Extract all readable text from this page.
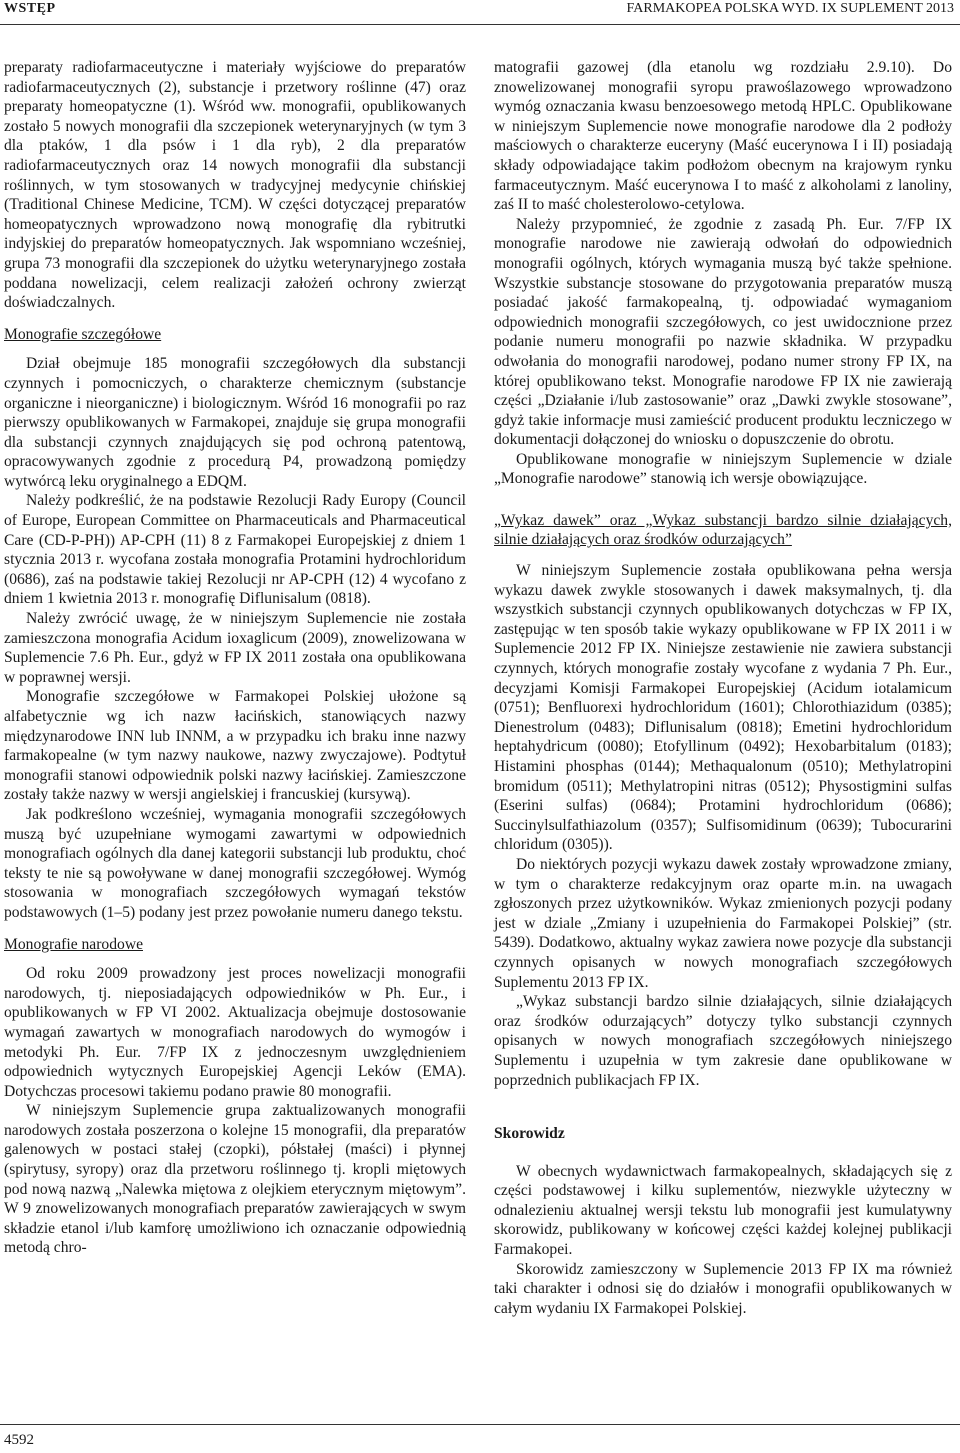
WSTĘP	FARMAKOPEA POLSKA WYD. IX SUPLEMENT 2013

preparaty radiofarmaceutyczne i materiały wyjściowe do preparatów radiofarmaceutycznych (2), substancje i przetwory roślinne (47) oraz preparaty homeopatyczne (1). Wśród ww. monografii, opublikowanych zostało 5 nowych monografii dla szczepionek weterynaryjnych (w tym 3 dla ptaków, 1 dla psów i 1 dla ryb), 2 dla preparatów radiofarmaceutycznych oraz 14 nowych monografii dla substancji roślinnych, w tym stosowanych w tradycyjnej medycynie chińskiej (Traditional Chinese Medicine, TCM). W części dotyczącej preparatów homeopatycznych wprowadzono nową monografię dla rybitrutki indyjskiej do preparatów homeopatycznych. Jak wspomniano wcześniej, grupa 73 monografii dla szczepionek do użytku weterynaryjnego została poddana nowelizacji, celem realizacji założeń ochrony zwierząt doświadczalnych.

Monografie szczegółowe

Dział obejmuje 185 monografii szczegółowych dla substancji czynnych i pomocniczych, o charakterze chemicznym (substancje organiczne i nieorganiczne) i biologicznym. Wśród 16 monografii po raz pierwszy opublikowanych w Farmakopei, znajduje się grupa monografii dla substancji czynnych znajdujących się pod ochroną patentową, opracowywanych zgodnie z procedurą P4, prowadzoną pomiędzy wytwórcą leku oryginalnego a EDQM.

Należy podkreślić, że na podstawie Rezolucji Rady Europy (Council of Europe, European Committee on Pharmaceuticals and Pharmaceutical Care (CD-P-PH)) AP-CPH (11) 8 z Farmakopei Europejskiej z dniem 1 stycznia 2013 r. wycofana została monografia Protamini hydrochloridum (0686), zaś na podstawie takiej Rezolucji nr AP-CPH (12) 4 wycofano z dniem 1 kwietnia 2013 r. monografię Diflunisalum (0818).

Należy zwrócić uwagę, że w niniejszym Suplemencie nie została zamieszczona monografia Acidum ioxaglicum (2009), znowelizowana w Suplemencie 7.6 Ph. Eur., gdyż w FP IX 2011 została ona opublikowana w poprawnej wersji.

Monografie szczegółowe w Farmakopei Polskiej ułożone są alfabetycznie wg ich nazw łacińskich, stanowiących nazwy międzynarodowe INN lub INNM, a w przypadku ich braku inne nazwy farmakopealne (w tym nazwy naukowe, nazwy zwyczajowe). Podtytuł monografii stanowi odpowiednik polski nazwy łacińskiej. Zamieszczone zostały także nazwy w wersji angielskiej i francuskiej (kursywą).

Jak podkreślono wcześniej, wymagania monografii szczegółowych muszą być uzupełniane wymogami zawartymi w odpowiednich monografiach ogólnych dla danej kategorii substancji lub produktu, choć teksty te nie są powoływane w danej monografii szczegółowej. Wymóg stosowania w monografiach szczegółowych wymagań tekstów podstawowych (1–5) podany jest przez powołanie numeru danego tekstu.

Monografie narodowe

Od roku 2009 prowadzony jest proces nowelizacji monografii narodowych, tj. nieposiadających odpowiedników w Ph. Eur., i opublikowanych w FP VI 2002. Aktualizacja obejmuje dostosowanie wymagań zawartych w monografiach narodowych do wymogów i metodyki Ph. Eur. 7/FP IX z jednoczesnym uwzględnieniem odpowiednich wytycznych Europejskiej Agencji Leków (EMA). Dotychczas procesowi takiemu podano prawie 80 monografii.

W niniejszym Suplemencie grupa zaktualizowanych monografii narodowych została poszerzona o kolejne 15 monografii, dla preparatów galenowych w postaci stałej (czopki), półstałej (maści) i płynnej (spirytusy, syropy) oraz dla przetworu roślinnego tj. kropli miętowych pod nową nazwą „Nalewka miętowa z olejkiem eterycznym miętowym”. W 9 znowelizowanych monografiach preparatów zawierających w swym składzie etanol i/lub kamforę umożliwiono ich oznaczanie odpowiednią metodą chro-

matografii gazowej (dla etanolu wg rozdziału 2.9.10). Do znowelizowanej monografii syropu prawoślazowego wprowadzono wymóg oznaczania kwasu benzoesowego metodą HPLC. Opublikowane w niniejszym Suplemencie nowe monografie narodowe dla 2 podłoży maściowych o charakterze euceryny (Maść eucerynowa I i II) posiadają składy odpowiadające takim podłożom obecnym na krajowym rynku farmaceutycznym. Maść eucerynowa I to maść z alkoholami z lanoliny, zaś II to maść cholesterolowo-cetylowa.

Należy przypomnieć, że zgodnie z zasadą Ph. Eur. 7/FP IX monografie narodowe nie zawierają odwołań do odpowiednich monografii ogólnych, których wymagania muszą być także spełnione. Wszystkie substancje stosowane do przygotowania preparatów muszą posiadać jakość farmakopealną, tj. odpowiadać wymaganiom odpowiednich monografii szczegółowych, co jest uwidocznione przez podanie numeru monografii po nazwie składnika. W przypadku odwołania do monografii narodowej, podano numer strony FP IX, na której opublikowano tekst. Monografie narodowe FP IX nie zawierają części „Działanie i/lub zastosowanie” oraz „Dawki zwykle stosowane”, gdyż takie informacje musi zamieścić producent produktu leczniczego w dokumentacji dołączonej do wniosku o dopuszczenie do obrotu.

Opublikowane monografie w niniejszym Suplemencie w dziale „Monografie narodowe” stanowią ich wersje obowiązujące.

„Wykaz dawek” oraz „Wykaz substancji bardzo silnie działających, silnie działających oraz środków odurzających”

W niniejszym Suplemencie została opublikowana pełna wersja wykazu dawek zwykle stosowanych i dawek maksymalnych, tj. dla wszystkich substancji czynnych opublikowanych dotychczas w FP IX, zastępując w ten sposób takie wykazy opublikowane w FP IX 2011 i w Suplemencie 2012 FP IX. Niniejsze zestawienie nie zawiera substancji czynnych, których monografie zostały wycofane z wydania 7 Ph. Eur., decyzjami Komisji Farmakopei Europejskiej (Acidum iotalamicum (0751); Benfluorexi hydrochloridum (1601); Chlorothiazidum (0385); Dienestrolum (0483); Diflunisalum (0818); Emetini hydrochloridum heptahydricum (0080); Etofyllinum (0492); Hexobarbitalum (0183); Histamini phosphas (0144); Methaqualonum (0510); Methylatropini bromidum (0511); Methylatropini nitras (0512); Physostigmini sulfas (Eserini sulfas) (0684); Protamini hydrochloridum (0686); Succinylsulfathiazolum (0357); Sulfisomidinum (0639); Tubocurarini chloridum (0305)).

Do niektórych pozycji wykazu dawek zostały wprowadzone zmiany, w tym o charakterze redakcyjnym oraz oparte m.in. na uwagach zgłoszonych przez użytkowników. Wykaz zmienionych pozycji podany jest w dziale „Zmiany i uzupełnienia do Farmakopei Polskiej” (str. 5439). Dodatkowo, aktualny wykaz zawiera nowe pozycje dla substancji czynnych opisanych w nowych monografiach szczegółowych Suplementu 2013 FP IX.

„Wykaz substancji bardzo silnie działających, silnie działających oraz środków odurzających” dotyczy tylko substancji czynnych opisanych w nowych monografiach szczegółowych niniejszego Suplementu i uzupełnia w tym zakresie dane opublikowane w poprzednich publikacjach FP IX.

Skorowidz

W obecnych wydawnictwach farmakopealnych, składających się z części podstawowej i kilku suplementów, niezwykle użyteczny w odnalezieniu aktualnej wersji tekstu lub monografii jest kumulatywny skorowidz, publikowany w końcowej części każdej kolejnej publikacji Farmakopei.

Skorowidz zamieszczony w Suplemencie 2013 FP IX ma również taki charakter i odnosi się do działów i monografii opublikowanych w całym wydaniu IX Farmakopei Polskiej.

4592
